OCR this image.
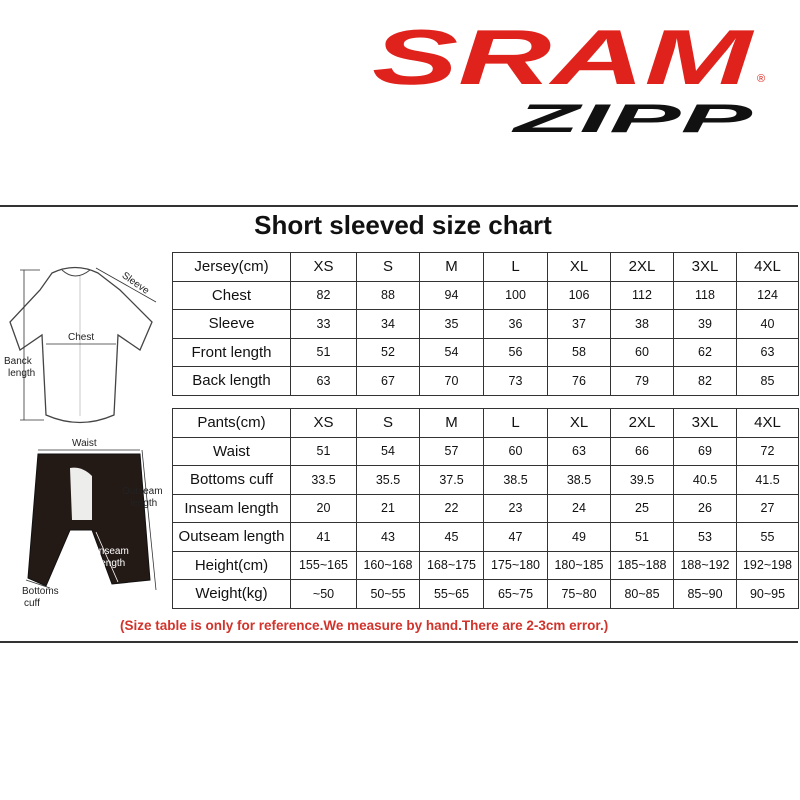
SRAM ®
ZIPP
Short sleeved size chart
Sleeve
Chest
Banck
length
Waist
Outseam
length
Inseam
length
Bottoms
cuff
Jersey(cm)	XS	S	M	L	XL	2XL	3XL	4XL
Chest	82	88	94	100	106	112	118	124
Sleeve	33	34	35	36	37	38	39	40
Front length	51	52	54	56	58	60	62	63
Back length	63	67	70	73	76	79	82	85
Pants(cm)	XS	S	M	L	XL	2XL	3XL	4XL
Waist	51	54	57	60	63	66	69	72
Bottoms cuff	33.5	35.5	37.5	38.5	38.5	39.5	40.5	41.5
Inseam length	20	21	22	23	24	25	26	27
Outseam length	41	43	45	47	49	51	53	55
Height(cm)	155~165	160~168	168~175	175~180	180~185	185~188	188~192	192~198
Weight(kg)	~50	50~55	55~65	65~75	75~80	80~85	85~90	90~95
(Size table is only for reference.We measure by hand.There are 2-3cm error.)
